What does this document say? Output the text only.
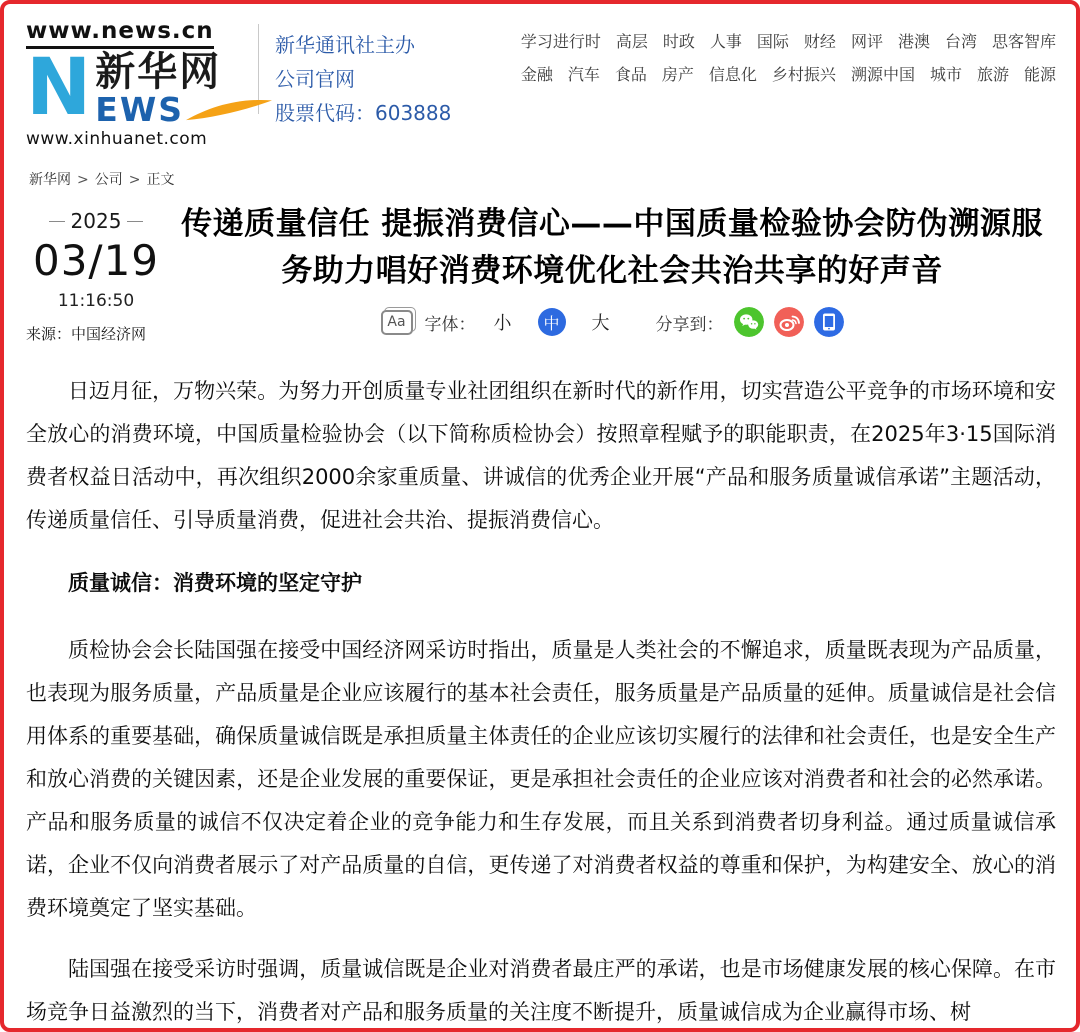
www.news.cn
N 新华网
EWS
www.xinhuanet.com
新华通讯社主办
公司官网
股票代码：603888
学习进行时 高层 时政 人事 国际 财经 网评 港澳 台湾 思客智库
金融 汽车 食品 房产 信息化 乡村振兴 溯源中国 城市 旅游 能源
新华网 > 公司 > 正文
2025
03/19
11:16:50
来源：中国经济网
传递质量信任 提振消费信心——中国质量检验协会防伪溯源服
务助力唱好消费环境优化社会共治共享的好声音
Aa	字体： 小	中	大	分享到：

日迈月征，万物兴荣。为努力开创质量专业社团组织在新时代的新作用，切实营造公平竞争的市场环境和安全放心的消费环境，中国质量检验协会（以下简称质检协会）按照章程赋予的职能职责，在2025年3·15国际消费者权益日活动中，再次组织2000余家重质量、讲诚信的优秀企业开展“产品和服务质量诚信承诺”主题活动，传递质量信任、引导质量消费，促进社会共治、提振消费信心。

质量诚信：消费环境的坚定守护

质检协会会长陆国强在接受中国经济网采访时指出，质量是人类社会的不懈追求，质量既表现为产品质量，也表现为服务质量，产品质量是企业应该履行的基本社会责任，服务质量是产品质量的延伸。质量诚信是社会信用体系的重要基础，确保质量诚信既是承担质量主体责任的企业应该切实履行的法律和社会责任，也是安全生产和放心消费的关键因素，还是企业发展的重要保证，更是承担社会责任的企业应该对消费者和社会的必然承诺。产品和服务质量的诚信不仅决定着企业的竞争能力和生存发展，而且关系到消费者切身利益。通过质量诚信承诺，企业不仅向消费者展示了对产品质量的自信，更传递了对消费者权益的尊重和保护，为构建安全、放心的消费环境奠定了坚实基础。

陆国强在接受采访时强调，质量诚信既是企业对消费者最庄严的承诺，也是市场健康发展的核心保障。在市场竞争日益激烈的当下，消费者对产品和服务质量的关注度不断提升，质量诚信成为企业赢得市场、树
